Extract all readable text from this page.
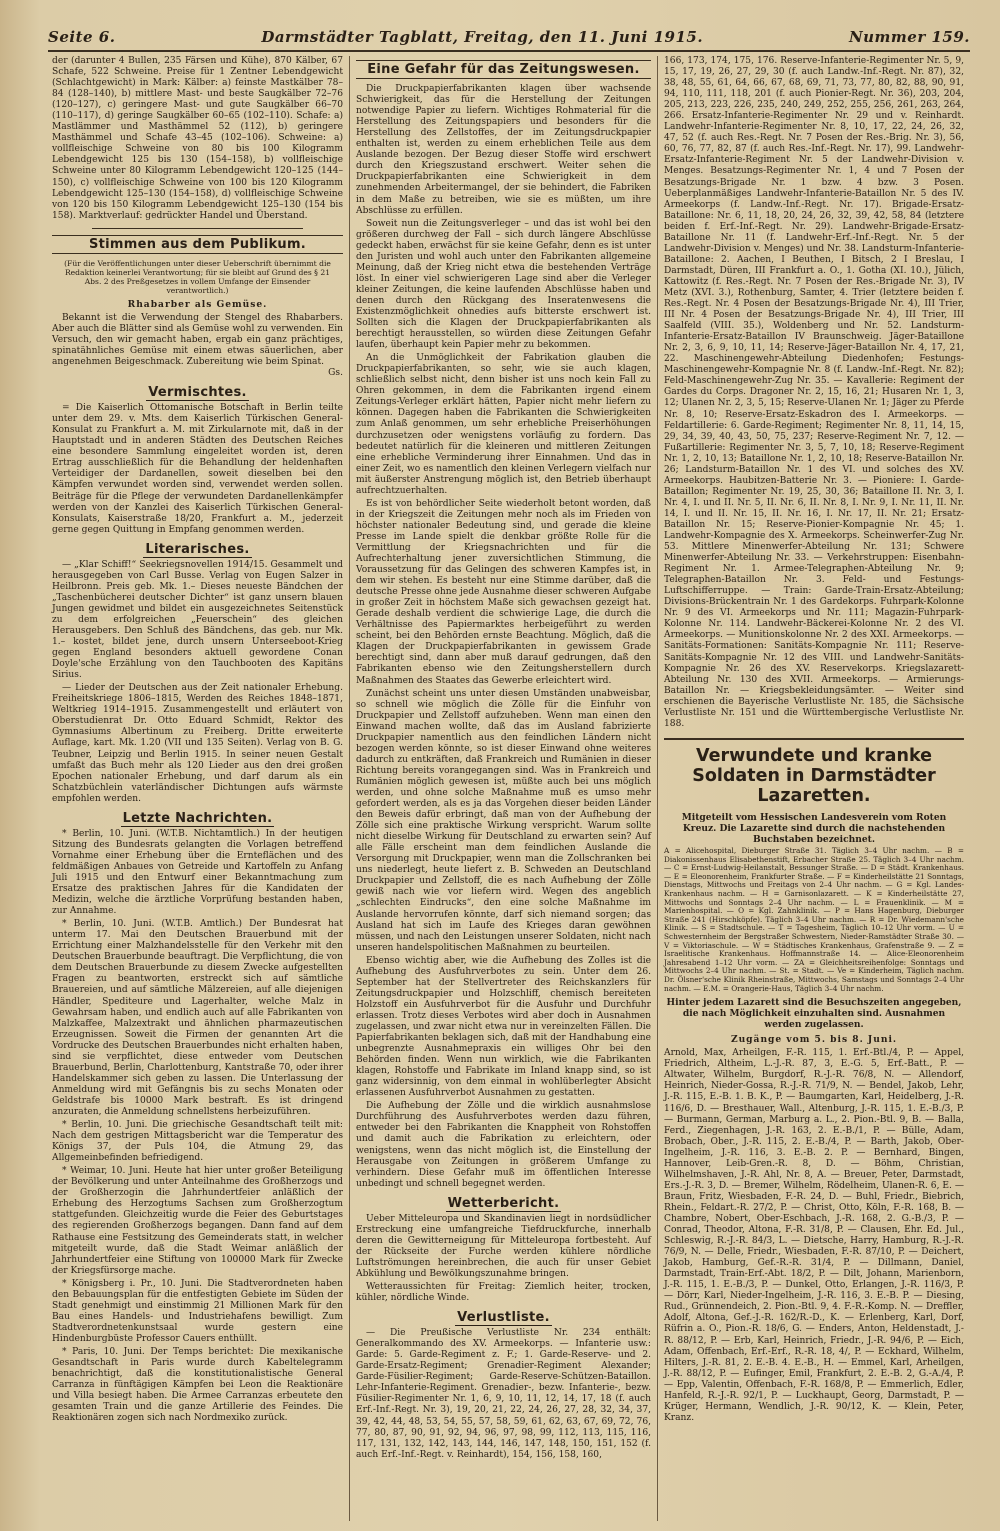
Seite 6.	Darmstädter Tagblatt, Freitag, den 11. Juni 1915.	Nummer 159.

der (darunter 4 Bullen, 235 Färsen und Kühe), 870 Kälber, 67 Schafe, 522 Schweine. Preise für 1 Zentner Lebendgewicht (Schlachtgewicht) in Mark: Kälber: a) feinste Mastkälber 78–84 (128–140), b) mittlere Mast- und beste Saugkälber 72–76 (120–127), c) geringere Mast- und gute Saugkälber 66–70 (110–117), d) geringe Saugkälber 60–65 (102–110). Schafe: a) Mastlämmer und Masthämmel 52 (112), b) geringere Masthämmel und Schafe 43–45 (102–106). Schweine: a) vollfleischige Schweine von 80 bis 100 Kilogramm Lebendgewicht 125 bis 130 (154–158), b) vollfleischige Schweine unter 80 Kilogramm Lebendgewicht 120–125 (144–150), c) vollfleischige Schweine von 100 bis 120 Kilogramm Lebendgewicht 125–130 (154–158), d) vollfleischige Schweine von 120 bis 150 Kilogramm Lebendgewicht 125–130 (154 bis 158). Marktverlauf: gedrückter Handel und Überstand.

Stimmen aus dem Publikum.
(Für die Veröffentlichungen unter dieser Ueberschrift übernimmt die Redaktion keinerlei Verantwortung; für sie bleibt auf Grund des § 21 Abs. 2 des Preßgesetzes in vollem Umfange der Einsender verantwortlich.)
Rhabarber als Gemüse.

Bekannt ist die Verwendung der Stengel des Rhabarbers. Aber auch die Blätter sind als Gemüse wohl zu verwenden. Ein Versuch, den wir gemacht haben, ergab ein ganz prächtiges, spinatähnliches Gemüse mit einem etwas säuerlichen, aber angenehmen Beigeschmack. Zubereitung wie beim Spinat.

Gs.
Vermischtes.

= Die Kaiserlich Ottomanische Botschaft in Berlin teilte unter dem 29. v. Mts. dem Kaiserlich Türkischen General-Konsulat zu Frankfurt a. M. mit Zirkularnote mit, daß in der Hauptstadt und in anderen Städten des Deutschen Reiches eine besondere Sammlung eingeleitet worden ist, deren Ertrag ausschließlich für die Behandlung der heldenhaften Verteidiger der Dardanellen, soweit dieselben bei den Kämpfen verwundet worden sind, verwendet werden sollen. Beiträge für die Pflege der verwundeten Dardanellenkämpfer werden von der Kanzlei des Kaiserlich Türkischen General-Konsulats, Kaiserstraße 18/20, Frankfurt a. M., jederzeit gerne gegen Quittung in Empfang genommen werden.

Literarisches.

— „Klar Schiff!“ Seekriegsnovellen 1914/15. Gesammelt und herausgegeben von Carl Busse. Verlag von Eugen Salzer in Heilbronn. Preis geb. Mk. 1.– Dieses neueste Bändchen der „Taschenbücherei deutscher Dichter“ ist ganz unsern blauen Jungen gewidmet und bildet ein ausgezeichnetes Seitenstück zu dem erfolgreichen „Feuerschein“ des gleichen Herausgebers. Den Schluß des Bändchens, das geb. nur Mk. 1.– kostet, bildet jene, durch unsern Unterseeboot-Krieg gegen England besonders aktuell gewordene Conan Doyle'sche Erzählung von den Tauchbooten des Kapitäns Sirius.

— Lieder der Deutschen aus der Zeit nationaler Erhebung. Freiheitskriege 1806–1815, Werden des Reiches 1848–1871, Weltkrieg 1914–1915. Zusammengestellt und erläutert von Oberstudienrat Dr. Otto Eduard Schmidt, Rektor des Gymnasiums Albertinum zu Freiberg. Dritte erweiterte Auflage, kart. Mk. 1.20 (VII und 135 Seiten). Verlag von B. G. Teubner, Leipzig und Berlin 1915. In seiner neuen Gestalt umfaßt das Buch mehr als 120 Lieder aus den drei großen Epochen nationaler Erhebung, und darf darum als ein Schatzbüchlein vaterländischer Dichtungen aufs wärmste empfohlen werden.

Letzte Nachrichten.

* Berlin, 10. Juni. (W.T.B. Nichtamtlich.) In der heutigen Sitzung des Bundesrats gelangten die Vorlagen betreffend Vornahme einer Erhebung über die Ernteflächen und des feldmäßigen Anbaues von Getreide und Kartoffeln zu Anfang Juli 1915 und den Entwurf einer Bekanntmachung zum Ersatze des praktischen Jahres für die Kandidaten der Medizin, welche die ärztliche Vorprüfung bestanden haben, zur Annahme.

* Berlin, 10. Juni. (W.T.B. Amtlich.) Der Bundesrat hat unterm 17. Mai den Deutschen Brauerbund mit der Errichtung einer Malzhandelsstelle für den Verkehr mit den Deutschen Brauerbunde beauftragt. Die Verpflichtung, die von dem Deutschen Brauerbunde zu diesem Zwecke aufgestellten Fragen zu beantworten, erstreckt sich auf sämtliche Brauereien, und auf sämtliche Mälzereien, auf alle diejenigen Händler, Spediteure und Lagerhalter, welche Malz in Gewahrsam haben, und endlich auch auf alle Fabrikanten von Malzkaffee, Malzextrakt und ähnlichen pharmazeutischen Erzeugnissen. Soweit die Firmen der genannten Art die Vordrucke des Deutschen Brauerbundes nicht erhalten haben, sind sie verpflichtet, diese entweder vom Deutschen Brauerbund, Berlin, Charlottenburg, Kantstraße 70, oder ihrer Handelskammer sich geben zu lassen. Die Unterlassung der Anmeldung wird mit Gefängnis bis zu sechs Monaten oder Geldstrafe bis 10000 Mark bestraft. Es ist dringend anzuraten, die Anmeldung schnellstens herbeizuführen.

* Berlin, 10. Juni. Die griechische Gesandtschaft teilt mit: Nach dem gestrigen Mittagsbericht war die Temperatur des Königs 37, der Puls 104, die Atmung 29, das Allgemeinbefinden befriedigend.

* Weimar, 10. Juni. Heute hat hier unter großer Beteiligung der Bevölkerung und unter Anteilnahme des Großherzogs und der Großherzogin die Jahrhundertfeier anläßlich der Erhebung des Herzogtums Sachsen zum Großherzogtum stattgefunden. Gleichzeitig wurde die Feier des Geburtstages des regierenden Großherzogs begangen. Dann fand auf dem Rathause eine Festsitzung des Gemeinderats statt, in welcher mitgeteilt wurde, daß die Stadt Weimar anläßlich der Jahrhundertfeier eine Stiftung von 100000 Mark für Zwecke der Kriegsfürsorge mache.

* Königsberg i. Pr., 10. Juni. Die Stadtverordneten haben den Bebauungsplan für die entfestigten Gebiete im Süden der Stadt genehmigt und einstimmig 21 Millionen Mark für den Bau eines Handels- und Industriehafens bewilligt. Zum Stadtverordnetenkunstsaal wurde gestern eine Hindenburgbüste Professor Cauers enthüllt.

* Paris, 10. Juni. Der Temps berichtet: Die mexikanische Gesandtschaft in Paris wurde durch Kabeltelegramm benachrichtigt, daß die konstitutionalistische General Carranza in fünftägigen Kämpfen bei Leon die Reaktionäre und Villa besiegt haben. Die Armee Carranzas erbeutete den gesamten Train und die ganze Artillerie des Feindes. Die Reaktionären zogen sich nach Nordmexiko zurück.

Eine Gefahr für das Zeitungswesen.

Die Druckpapierfabrikanten klagen über wachsende Schwierigkeit, das für die Herstellung der Zeitungen notwendige Papier zu liefern. Wichtiges Rohmaterial für die Herstellung des Zeitungspapiers und besonders für die Herstellung des Zellstoffes, der im Zeitungsdruckpapier enthalten ist, werden zu einem erheblichen Teile aus dem Auslande bezogen. Der Bezug dieser Stoffe wird erschwert durch den Kriegszustand erschwert. Weiter sehen die Druckpapierfabrikanten eine Schwierigkeit in dem zunehmenden Arbeitermangel, der sie behindert, die Fabriken in dem Maße zu betreiben, wie sie es müßten, um ihre Abschlüsse zu erfüllen.

Soweit nun die Zeitungsverleger – und das ist wohl bei den größeren durchweg der Fall – sich durch längere Abschlüsse gedeckt haben, erwächst für sie keine Gefahr, denn es ist unter den Juristen und wohl auch unter den Fabrikanten allgemeine Meinung, daß der Krieg nicht etwa die bestehenden Verträge löst. In einer viel schwierigeren Lage sind aber die Verleger kleiner Zeitungen, die keine laufenden Abschlüsse haben und denen durch den Rückgang des Inseratenwesens die Existenzmöglichkeit ohnedies aufs bitterste erschwert ist. Sollten sich die Klagen der Druckpapierfabrikanten als berechtigt herausstellen, so würden diese Zeitungen Gefahr laufen, überhaupt kein Papier mehr zu bekommen.

An die Unmöglichkeit der Fabrikation glauben die Druckpapierfabrikanten, so sehr, wie sie auch klagen, schließlich selbst nicht, denn bisher ist uns noch kein Fall zu Ohren gekommen, in dem die Fabrikanten irgend einem Zeitungs-Verleger erklärt hätten, Papier nicht mehr liefern zu können. Dagegen haben die Fabrikanten die Schwierigkeiten zum Anlaß genommen, um sehr erhebliche Preiserhöhungen durchzusetzen oder wenigstens vorläufig zu fordern. Das bedeutet natürlich für die kleineren und mittleren Zeitungen eine erhebliche Verminderung ihrer Einnahmen. Und das in einer Zeit, wo es namentlich den kleinen Verlegern vielfach nur mit äußerster Anstrengung möglich ist, den Betrieb überhaupt aufrechtzuerhalten.

Es ist von behördlicher Seite wiederholt betont worden, daß in der Kriegszeit die Zeitungen mehr noch als im Frieden von höchster nationaler Bedeutung sind, und gerade die kleine Presse im Lande spielt die denkbar größte Rolle für die Vermittlung der Kriegsnachrichten und für die Aufrechterhaltung jener zuversichtlichen Stimmung, die Voraussetzung für das Gelingen des schweren Kampfes ist, in dem wir stehen. Es besteht nur eine Stimme darüber, daß die deutsche Presse ohne jede Ausnahme dieser schweren Aufgabe in großer Zeit in höchstem Maße sich gewachsen gezeigt hat. Gerade deshalb verdient die schwierige Lage, die durch die Verhältnisse des Papiermarktes herbeigeführt zu werden scheint, bei den Behörden ernste Beachtung. Möglich, daß die Klagen der Druckpapierfabrikanten in gewissem Grade berechtigt sind, dann aber muß darauf gedrungen, daß den Fabrikanten ebenso wie den Zeitungsherstellern durch Maßnahmen des Staates das Gewerbe erleichtert wird.

Zunächst scheint uns unter diesen Umständen unabweisbar, so schnell wie möglich die Zölle für die Einfuhr von Druckpapier und Zellstoff aufzuheben. Wenn man einen den Einwand machen wollte, daß das im Ausland fabrizierte Druckpapier namentlich aus den feindlichen Ländern nicht bezogen werden könnte, so ist dieser Einwand ohne weiteres dadurch zu entkräften, daß Frankreich und Rumänien in dieser Richtung bereits vorangegangen sind. Was in Frankreich und Rumänien möglich gewesen ist, müßte auch bei uns möglich werden, und ohne solche Maßnahme muß es umso mehr gefordert werden, als es ja das Vorgehen dieser beiden Länder den Beweis dafür erbringt, daß man von der Aufhebung der Zölle sich eine praktische Wirkung verspricht. Warum sollte nicht dieselbe Wirkung für Deutschland zu erwarten sein? Auf alle Fälle erscheint man dem feindlichen Auslande die Versorgung mit Druckpapier, wenn man die Zollschranken bei uns niederlegt, heute liefert z. B. Schweden an Deutschland Druckpapier und Zellstoff, die es nach Aufhebung der Zölle gewiß nach wie vor liefern wird. Wegen des angeblich „schlechten Eindrucks“, den eine solche Maßnahme im Auslande hervorrufen könnte, darf sich niemand sorgen; das Ausland hat sich im Laufe des Krieges daran gewöhnen müssen, und nach den Leistungen unserer Soldaten, nicht nach unseren handelspolitischen Maßnahmen zu beurteilen.

Ebenso wichtig aber, wie die Aufhebung des Zolles ist die Aufhebung des Ausfuhrverbotes zu sein. Unter dem 26. September hat der Stellvertreter des Reichskanzlers für Zeitungsdruckpapier und Holzschliff, chemisch bereiteten Holzstoff ein Ausfuhrverbot für die Ausfuhr und Durchfuhr erlassen. Trotz dieses Verbotes wird aber doch in Ausnahmen zugelassen, und zwar nicht etwa nur in vereinzelten Fällen. Die Papierfabrikanten beklagen sich, daß mit der Handhabung eine unbegrenzte Ausnahmepraxis ein williges Ohr bei den Behörden finden. Wenn nun wirklich, wie die Fabrikanten klagen, Rohstoffe und Fabrikate im Inland knapp sind, so ist ganz widersinnig, von dem einmal in wohlüberlegter Absicht erlassenen Ausfuhrverbot Ausnahmen zu gestatten.

Die Aufhebung der Zölle und die wirklich ausnahmslose Durchführung des Ausfuhrverbotes werden dazu führen, entweder bei den Fabrikanten die Knappheit von Rohstoffen und damit auch die Fabrikation zu erleichtern, oder wenigstens, wenn das nicht möglich ist, die Einstellung der Herausgabe von Zeitungen in größerem Umfange zu verhindern. Diese Gefahr muß im öffentlichen Interesse unbedingt und schnell begegnet werden.

Wetterbericht.

Ueber Mitteleuropa und Skandinavien liegt in nordsüdlicher Erstreckung eine umfangreiche Tiefdruckfurche, innerhalb deren die Gewitterneigung für Mitteleuropa fortbesteht. Auf der Rückseite der Furche werden kühlere nördliche Luftströmungen hereinbrechen, die auch für unser Gebiet Abkühlung und Bewölkungszunahme bringen.

Wetteraussichten für Freitag: Ziemlich heiter, trocken, kühler, nördliche Winde.

Verlustliste.

— Die Preußische Verlustliste Nr. 234 enthält: Generalkommando des XV. Armeekorps. — Infanterie usw.: Garde: 5. Garde-Regiment z. F.; 1. Garde-Reserve- und 2. Garde-Ersatz-Regiment; Grenadier-Regiment Alexander; Garde-Füsilier-Regiment; Garde-Reserve-Schützen-Bataillon. Lehr-Infanterie-Regiment. Grenadier-, bezw. Infanterie-, bezw. Füsilier-Regimenter Nr. 1, 6, 9, 10, 11, 12, 14, 17, 18 (f. auch Erf.-Inf.-Regt. Nr. 3), 19, 20, 21, 22, 24, 26, 27, 28, 32, 34, 37, 39, 42, 44, 48, 53, 54, 55, 57, 58, 59, 61, 62, 63, 67, 69, 72, 76, 77, 80, 87, 90, 91, 92, 94, 96, 97, 98, 99, 112, 113, 115, 116, 117, 131, 132, 142, 143, 144, 146, 147, 148, 150, 151, 152 (f. auch Erf.-Inf.-Regt. v. Reinhardt), 154, 156, 158, 160,

166, 173, 174, 175, 176. Reserve-Infanterie-Regimenter Nr. 5, 9, 15, 17, 19, 26, 27, 29, 30 (f. auch Landw.-Inf.-Regt. Nr. 87), 32, 38, 48, 55, 61, 64, 66, 67, 68, 69, 71, 73, 77, 80, 82, 88, 90, 91, 94, 110, 111, 118, 201 (f. auch Pionier-Regt. Nr. 36), 203, 204, 205, 213, 223, 226, 235, 240, 249, 252, 255, 256, 261, 263, 264, 266. Ersatz-Infanterie-Regimenter Nr. 29 und v. Reinhardt. Landwehr-Infanterie-Regimenter Nr. 8, 10, 17, 22, 24, 26, 32, 47, 52 (f. auch Res.-Regt. Nr. 7 Posen der Res.-Brig. Nr. 3), 56, 60, 76, 77, 82, 87 (f. auch Res.-Inf.-Regt. Nr. 17), 99. Landwehr-Ersatz-Infanterie-Regiment Nr. 5 der Landwehr-Division v. Menges. Besatzungs-Regimenter Nr. 1, 4 und 7 Posen der Besatzungs-Brigade Nr. 1 bzw. 4 bzw. 3 Posen. Ueberplanmäßiges Landwehr-Infanterie-Bataillon Nr. 5 des IV. Armeekorps (f. Landw.-Inf.-Regt. Nr. 17). Brigade-Ersatz-Bataillone: Nr. 6, 11, 18, 20, 24, 26, 32, 39, 42, 58, 84 (letztere beiden f. Erf.-Inf.-Regt. Nr. 29). Landwehr-Brigade-Ersatz-Bataillone Nr. 11 (f. Landwehr-Erf.-Inf.-Regt. Nr. 5 der Landwehr-Division v. Menges) und Nr. 38. Landsturm-Infanterie-Bataillone: 2. Aachen, I Beuthen, I Bitsch, 2 I Breslau, I Darmstadt, Düren, III Frankfurt a. O., 1. Gotha (XI. 10.), Jülich, Kattowitz (f. Res.-Regt. Nr. 7 Posen der Res.-Brigade Nr. 3), IV Metz (XVI. 3.), Rothenburg, Samter, 4. Trier (letztere beiden f. Res.-Regt. Nr. 4 Posen der Besatzungs-Brigade Nr. 4), III Trier, III Nr. 4 Posen der Besatzungs-Brigade Nr. 4), III Trier, III Saalfeld (VIII. 35.), Woldenberg und Nr. 52. Landsturm-Infanterie-Ersatz-Bataillon IV Braunschweig. Jäger-Bataillone Nr. 2, 3, 6, 9, 10, 11, 14; Reserve-Jäger-Bataillon Nr. 4, 17, 21, 22. Maschinengewehr-Abteilung Diedenhofen; Festungs-Maschinengewehr-Kompagnie Nr. 8 (f. Landw.-Inf.-Regt. Nr. 82); Feld-Maschinengewehr-Zug Nr. 35. — Kavallerie: Regiment der Gardes du Corps. Dragoner Nr. 2, 15, 16, 21; Husaren Nr. 1, 3, 12; Ulanen Nr. 2, 3, 5, 15; Reserve-Ulanen Nr. 1; Jäger zu Pferde Nr. 8, 10; Reserve-Ersatz-Eskadron des I. Armeekorps. — Feldartillerie: 6. Garde-Regiment; Regimenter Nr. 8, 11, 14, 15, 29, 34, 39, 40, 43, 50, 75, 237; Reserve-Regiment Nr. 7, 12. — Fußartillerie: Regimenter Nr. 3, 5, 7, 10, 18; Reserve-Regiment Nr. 1, 2, 10, 13; Bataillone Nr. 1, 2, 10, 18; Reserve-Bataillon Nr. 26; Landsturm-Bataillon Nr. 1 des VI. und solches des XV. Armeekorps. Haubitzen-Batterie Nr. 3. — Pioniere: I. Garde-Bataillon; Regimenter Nr. 19, 25, 30, 36; Bataillone II. Nr. 3, I. Nr. 4, I. und II. Nr. 5, II. Nr. 6, II. Nr. 8, I. Nr. 9, I. Nr. 11, II. Nr. 14, I. und II. Nr. 15, II. Nr. 16, I. Nr. 17, II. Nr. 21; Ersatz-Bataillon Nr. 15; Reserve-Pionier-Kompagnie Nr. 45; 1. Landwehr-Kompagnie des X. Armeekorps. Scheinwerfer-Zug Nr. 53. Mittlere Minenwerfer-Abteilung Nr. 131; Schwere Minenwerfer-Abteilung Nr. 33. — Verkehrstruppen: Eisenbahn-Regiment Nr. 1. Armee-Telegraphen-Abteilung Nr. 9; Telegraphen-Bataillon Nr. 3. Feld- und Festungs-Luftschifferruppe. — Train: Garde-Train-Ersatz-Abteilung; Divisions-Brückentrain Nr. 1 des Gardekorps. Fuhrpark-Kolonne Nr. 9 des VI. Armeekorps und Nr. 111; Magazin-Fuhrpark-Kolonne Nr. 114. Landwehr-Bäckerei-Kolonne Nr. 2 des VI. Armeekorps. — Munitionskolonne Nr. 2 des XXI. Armeekorps. — Sanitäts-Formationen: Sanitäts-Kompagnie Nr. 111; Reserve-Sanitäts-Kompagnie Nr. 12 des VIII. und Landwehr-Sanitäts-Kompagnie Nr. 26 des XV. Reservekorps. Kriegslazarett-Abteilung Nr. 130 des XVII. Armeekorps. — Armierungs-Bataillon Nr. — Kriegsbekleidungsämter. — Weiter sind erschienen die Bayerische Verlustliste Nr. 185, die Sächsische Verlustliste Nr. 151 und die Württembergische Verlustliste Nr. 188.

Verwundete und kranke Soldaten in Darmstädter Lazaretten.

Mitgeteilt vom Hessischen Landesverein vom Roten Kreuz. Die Lazarette sind durch die nachstehenden Buchstaben bezeichnet.

A = Alicehospital, Dieburger Straße 31. Täglich 3–4 Uhr nachm. — B = Diakonissenhaus Elisabethenstift, Erbacher Straße 25. Täglich 3–4 Uhr nachm. — C = Ernst-Ludwig-Heilanstalt, Bessunger Straße. — D = Städt. Krankenhaus. — E = Eleonorenheim, Frankfurter Straße. — F = Kinderheilstätte 21 Sonntags, Dienstags, Mittwochs und Freitags von 2–4 Uhr nachm. — G = Kgl. Landes-Krankenhaus nachm. — H = Garnisonlazarett. — K = Kinderheilstätte 27, Mittwochs und Sonntags 2–4 Uhr nachm. — L = Frauenklinik. — M = Marienhospital. — O = Kgl. Zahnklinik. — P = Hans Hagenburg, Dieburger Straße 241 (Hirschköpfe). Täglich 3–4 Uhr nachm. — R = Dr. Wiedemann'sche Klinik. — S = Stadtschule. — T = Tagesheim, Täglich 10–12 Uhr vorm. — U = Schwesternheim der Bergstraßer Schwestern, Nieder-Ramstädter Straße 30. — V = Viktoriaschule. — W = Städtisches Krankenhaus, Grafenstraße 9. — Z = Israelitische Krankenhaus. Hoffmannstraße 14. — Alice-Eleonorenheim Jahresabend 1–12 Uhr vorm. — ZA = Gleichheitsreihenfolge: Sonntags und Mittwochs 2–4 Uhr nachm. — St. = Stadt. — Ve = Kinderheim, Täglich nachm. Dr. Ölsner'sche Klinik Rheinstraße, Mittwochs, Samstags und Sonntags 2–4 Uhr nachm. — E.M. = Orangerie-Haus, Täglich 3–4 Uhr nachm.

Hinter jedem Lazarett sind die Besuchszeiten angegeben, die nach Möglichkeit einzuhalten sind. Ausnahmen werden zugelassen.

Zugänge vom 5. bis 8. Juni.

Arnold, Max, Arheilgen, F.-R. 115, 1. Erf.-Btl./4, P. — Appel, Friedrich, Altheim, L.-J.-R. 87, 3, E.-G. 5, Erf.-Batt., P. — Altwater, Wilhelm, Burgdorf, R.-J.-R. 76/8, N. — Allendorf, Heinrich, Nieder-Gossa, R.-J.-R. 71/9, N. — Bendel, Jakob, Lehr, J.-R. 115, E.-B. 1. B. K., P. — Baumgarten, Karl, Heidelberg, J.-R. 116/6, D. — Bresthauer, Wall., Altenburg, J.-R. 115, 1. E.-B./3, P. — Burmann, German, Marburg a. L., 2. Pion.-Btl. 9, B. — Balla, Ferd., Ziegenhagen, J.-R. 163, 2. E.-B./1, P. — Bülle, Adam, Brobach, Ober., J.-R. 115, 2. E.-B./4, P. — Barth, Jakob, Ober-Ingelheim, J.-R. 116, 3. E.-B. 2. P. — Bernhard, Bingen, Hannover, Leib-Gren.-R. 8, D. — Böhm, Christian, Wilhelmshaven, J.-R. Ahl, Nr. 8, A. — Breuer, Peter, Darmstadt, Ers.-J.-R. 3, D. — Bremer, Wilhelm, Rödelheim, Ulanen-R. 6, E. — Braun, Fritz, Wiesbaden, F.-R. 24, D. — Buhl, Friedr., Biebrich, Rhein., Feldart.-R. 27/2, P. — Christ, Otto, Köln, F.-R. 168, B. — Chambre, Nobert, Ober-Eschbach, J.-R. 168, 2. G.-B./3, P. — Conrad, Theodor, Altona, F.-R. 31/8, P. — Clausen, Ehr. Ed. Jul., Schleswig, R.-J.-R. 84/3, L. — Dietsche, Harry, Hamburg, R.-J.-R. 76/9, N. — Delle, Friedr., Wiesbaden, F.-R. 87/10, P. — Deichert, Jakob, Hamburg, Gef.-R.-R. 31/4, P. — Dillmann, Daniel, Darmstadt, Train-Erf.-Abt. 18/2, P. — Dilt, Johann, Marienborn, J.-R. 115, 1. E.-B./3, P. — Dunkel, Otto, Erlangen, J.-R. 116/3, P. — Dörr, Karl, Nieder-Ingelheim, J.-R. 116, 3. E.-B. P. — Diesing, Rud., Grünnendeich, 2. Pion.-Btl. 9, 4. F.-R.-Komp. N. — Dreffler, Adolf, Altona, Gef.-J.-R. 162/R.-D., K. — Erlenberg, Karl, Dorf, Rüfrin a. O., Pion.-R. 18/6, G. — Enders, Anton, Heldenstadt, J.-R. 88/12, P. — Erb, Karl, Heinrich, Friedr., J.-R. 94/6, P. — Eich, Adam, Offenbach, Erf.-Erf., R.-R. 18, 4/, P. — Eckhard, Wilhelm, Hilters, J.-R. 81, 2. E.-B. 4. E.-B., H. — Emmel, Karl, Arheilgen, J.-R. 88/12, P. — Eufinger, Emil, Frankfurt, 2. E.-B. 2, G.-A./4, P. — Epp, Valentin, Offenbach, F.-R. 168/8, P. — Emmerlich, Edler, Hanfeld, R.-J.-R. 92/1, P. — Luckhaupt, Georg, Darmstadt, P. — Krüger, Hermann, Wendlich, J.-R. 90/12, K. — Klein, Peter, Kranz.
